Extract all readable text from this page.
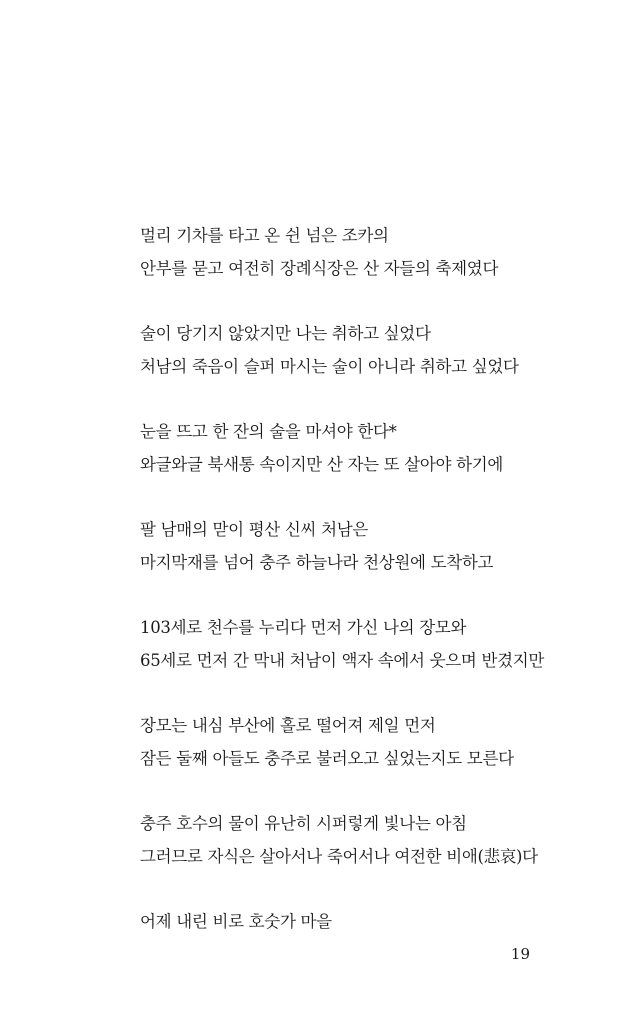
멀리 기차를 타고 온 쉰 넘은 조카의
안부를 묻고 여전히 장례식장은 산 자들의 축제였다
술이 당기지 않았지만 나는 취하고 싶었다
처남의 죽음이 슬퍼 마시는 술이 아니라 취하고 싶었다
눈을 뜨고 한 잔의 술을 마셔야 한다*
와글와글 북새통 속이지만 산 자는 또 살아야 하기에
팔 남매의 맏이 평산 신씨 처남은
마지막재를 넘어 충주 하늘나라 천상원에 도착하고
103세로 천수를 누리다 먼저 가신 나의 장모와
65세로 먼저 간 막내 처남이 액자 속에서 웃으며 반겼지만
장모는 내심 부산에 홀로 떨어져 제일 먼저
잠든 둘째 아들도 충주로 불러오고 싶었는지도 모른다
충주 호수의 물이 유난히 시퍼렇게 빛나는 아침
그러므로 자식은 살아서나 죽어서나 여전한 비애(悲哀)다
어제 내린 비로 호숫가 마을
19
